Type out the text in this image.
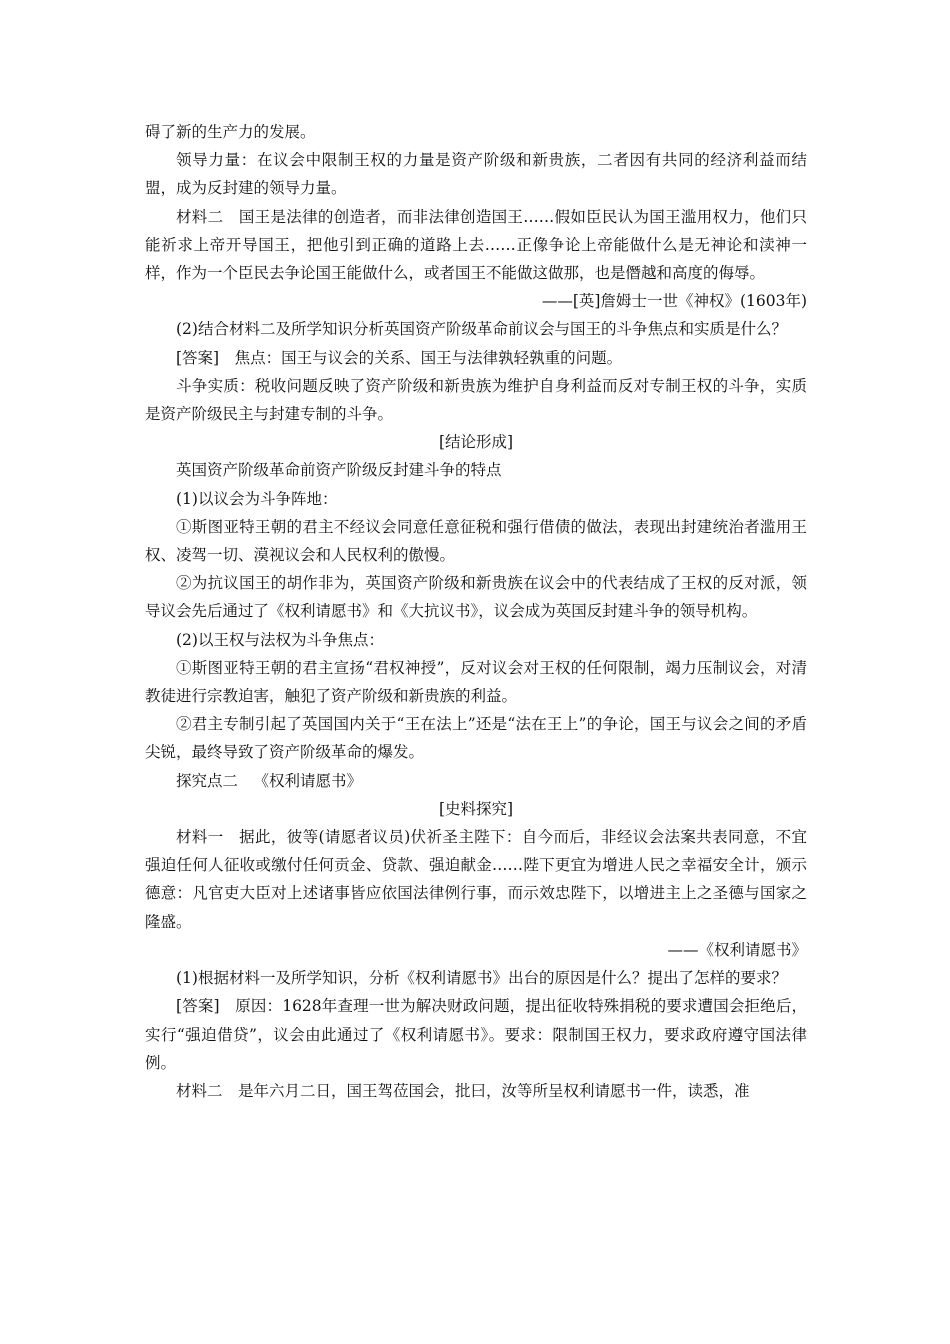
碍了新的生产力的发展。

领导力量：在议会中限制王权的力量是资产阶级和新贵族，二者因有共同的经济利益而结盟，成为反封建的领导力量。

材料二 国王是法律的创造者，而非法律创造国王……假如臣民认为国王滥用权力，他们只能祈求上帝开导国王，把他引到正确的道路上去……正像争论上帝能做什么是无神论和渎神一样，作为一个臣民去争论国王能做什么，或者国王不能做这做那，也是僭越和高度的侮辱。

——[英]詹姆士一世《神权》(1603年)

(2)结合材料二及所学知识分析英国资产阶级革命前议会与国王的斗争焦点和实质是什么？

[答案] 焦点：国王与议会的关系、国王与法律孰轻孰重的问题。

斗争实质：税收问题反映了资产阶级和新贵族为维护自身利益而反对专制王权的斗争，实质是资产阶级民主与封建专制的斗争。

[结论形成]

英国资产阶级革命前资产阶级反封建斗争的特点

(1)以议会为斗争阵地：

①斯图亚特王朝的君主不经议会同意任意征税和强行借债的做法，表现出封建统治者滥用王权、凌驾一切、漠视议会和人民权利的傲慢。

②为抗议国王的胡作非为，英国资产阶级和新贵族在议会中的代表结成了王权的反对派，领导议会先后通过了《权利请愿书》和《大抗议书》，议会成为英国反封建斗争的领导机构。

(2)以王权与法权为斗争焦点：

①斯图亚特王朝的君主宣扬“君权神授”，反对议会对王权的任何限制，竭力压制议会，对清教徒进行宗教迫害，触犯了资产阶级和新贵族的利益。

②君主专制引起了英国国内关于“王在法上”还是“法在王上”的争论，国王与议会之间的矛盾尖锐，最终导致了资产阶级革命的爆发。

探究点二 《权利请愿书》

[史料探究]

材料一 据此，彼等(请愿者议员)伏祈圣主陛下：自今而后，非经议会法案共表同意，不宜强迫任何人征收或缴付任何贡金、贷款、强迫献金……陛下更宜为增进人民之幸福安全计，颁示德意：凡官吏大臣对上述诸事皆应依国法律例行事，而示效忠陛下，以增进主上之圣德与国家之隆盛。

——《权利请愿书》

(1)根据材料一及所学知识，分析《权利请愿书》出台的原因是什么？提出了怎样的要求？

[答案] 原因：1628年查理一世为解决财政问题，提出征收特殊捐税的要求遭国会拒绝后，实行“强迫借贷”，议会由此通过了《权利请愿书》。要求：限制国王权力，要求政府遵守国法律例。

材料二 是年六月二日，国王驾莅国会，批曰，汝等所呈权利请愿书一件，读悉，准
